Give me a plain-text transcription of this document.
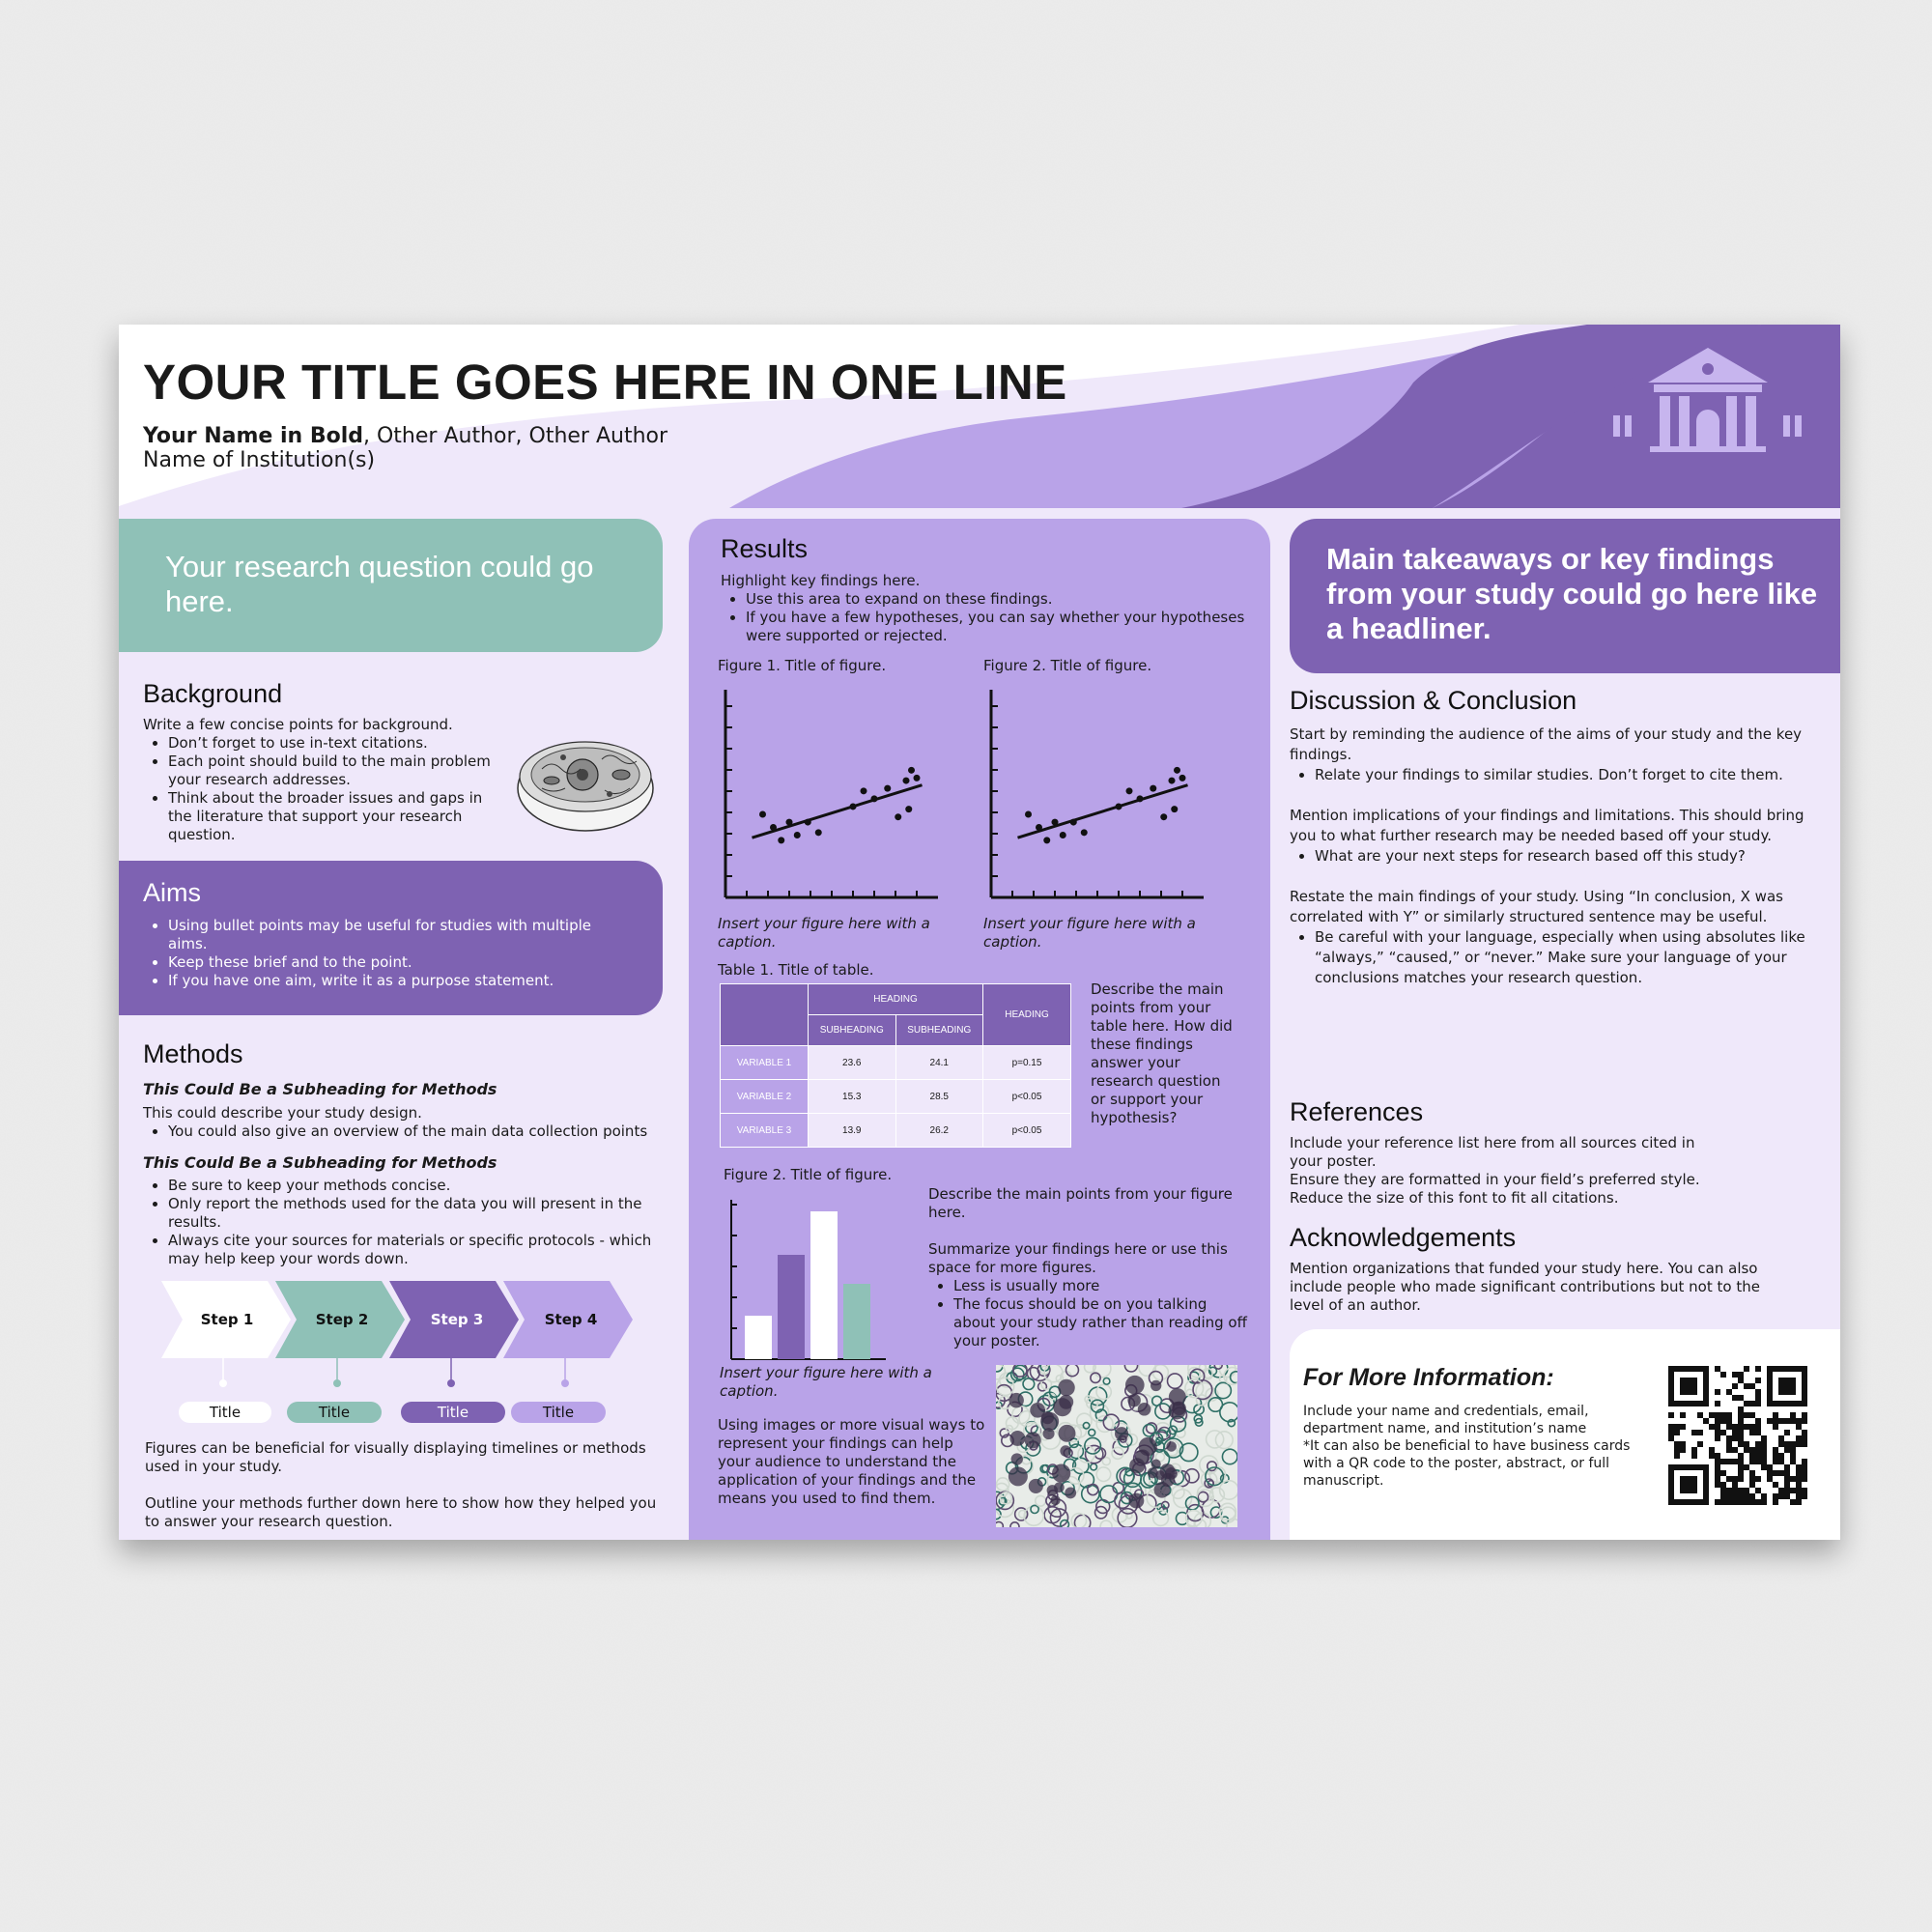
YOUR TITLE GOES HERE IN ONE LINE
Your Name in Bold, Other Author, Other Author
Name of Institution(s)
Your research question could go here.
Background

Write a few concise points for background.

• Don’t forget to use in-text citations.
• Each point should build to the main problem your research addresses.
• Think about the broader issues and gaps in the literature that support your research question.
Aims
• Using bullet points may be useful for studies with multiple aims.
• Keep these brief and to the point.
• If you have one aim, write it as a purpose statement.
Methods

This Could Be a Subheading for Methods

This could describe your study design.

• You could also give an overview of the main data collection points

This Could Be a Subheading for Methods

• Be sure to keep your methods concise.
• Only report the methods used for the data you will present in the results.
• Always cite your sources for materials or specific protocols - which may help keep your words down.
Step 1
Title
Step 2
Title
Step 3
Title
Step 4
Title

Figures can be beneficial for visually displaying timelines or methods used in your study.

Outline your methods further down here to show how they helped you to answer your research question.

Results

Highlight key findings here.

• Use this area to expand on these findings.
• If you have a few hypotheses, you can say whether your hypotheses were supported or rejected.
Figure 1. Title of figure.
Insert your figure here with a caption.
Figure 2. Title of figure.
Insert your figure here with a caption.
Table 1. Title of table.
	HEADING		HEADING
	SUBHEADING	SUBHEADING	
VARIABLE 1	23.6	24.1	p=0.15
VARIABLE 2	15.3	28.5	p<0.05
VARIABLE 3	13.9	26.2	p<0.05
Describe the main points from your table here. How did these findings answer your research question or support your hypothesis?
Figure 2. Title of figure.
Insert your figure here with a caption.

Describe the main points from your figure here.

Summarize your findings here or use this space for more figures.

• Less is usually more
• The focus should be on you talking about your study rather than reading off your poster.
Using images or more visual ways to represent your findings can help your audience to understand the application of your findings and the means you used to find them.
Main takeaways or key findings from your study could go here like a headliner.
Discussion & Conclusion

Start by reminding the audience of the aims of your study and the key findings.

• Relate your findings to similar studies. Don’t forget to cite them.

Mention implications of your findings and limitations. This should bring you to what further research may be needed based off your study.

• What are your next steps for research based off this study?

Restate the main findings of your study. Using “In conclusion, X was correlated with Y” or similarly structured sentence may be useful.

• Be careful with your language, especially when using absolutes like “always,” “caused,” or “never.” Make sure your language of your conclusions matches your research question.
References

Include your reference list here from all sources cited in your poster.

Ensure they are formatted in your field’s preferred style.

Reduce the size of this font to fit all citations.

Acknowledgements
Mention organizations that funded your study here. You can also include people who made significant contributions but not to the level of an author.
For More Information:

Include your name and credentials, email, department name, and institution’s name

*It can also be beneficial to have business cards with a QR code to the poster, abstract, or full manuscript.
